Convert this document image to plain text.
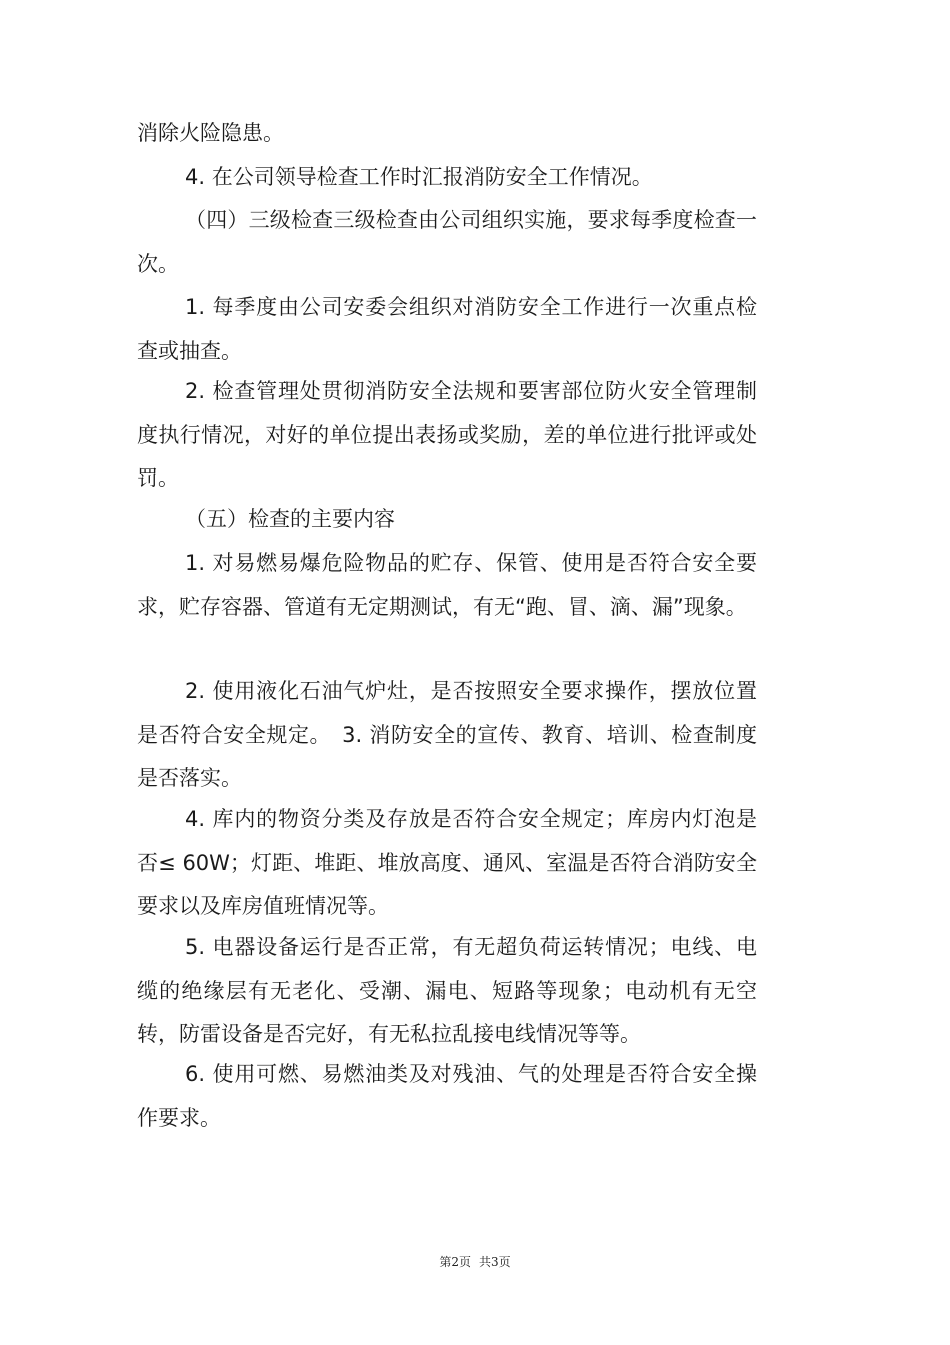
消除火险隐患。

4. 在公司领导检查工作时汇报消防安全工作情况。

（四）三级检查三级检查由公司组织实施，要求每季度检查一次。

1. 每季度由公司安委会组织对消防安全工作进行一次重点检查或抽查。

2. 检查管理处贯彻消防安全法规和要害部位防火安全管理制度执行情况，对好的单位提出表扬或奖励，差的单位进行批评或处罚。

（五）检查的主要内容

1. 对易燃易爆危险物品的贮存、保管、使用是否符合安全要求，贮存容器、管道有无定期测试，有无“跑、冒、滴、漏”现象。

2. 使用液化石油气炉灶，是否按照安全要求操作，摆放位置是否符合安全规定。　3. 消防安全的宣传、教育、培训、检查制度是否落实。

4. 库内的物资分类及存放是否符合安全规定；库房内灯泡是否≤ 60W；灯距、堆距、堆放高度、通风、室温是否符合消防安全要求以及库房值班情况等。

5. 电器设备运行是否正常，有无超负荷运转情况；电线、电缆的绝缘层有无老化、受潮、漏电、短路等现象；电动机有无空转，防雷设备是否完好，有无私拉乱接电线情况等等。

6. 使用可燃、易燃油类及对残油、气的处理是否符合安全操作要求。

第2页 共3页
